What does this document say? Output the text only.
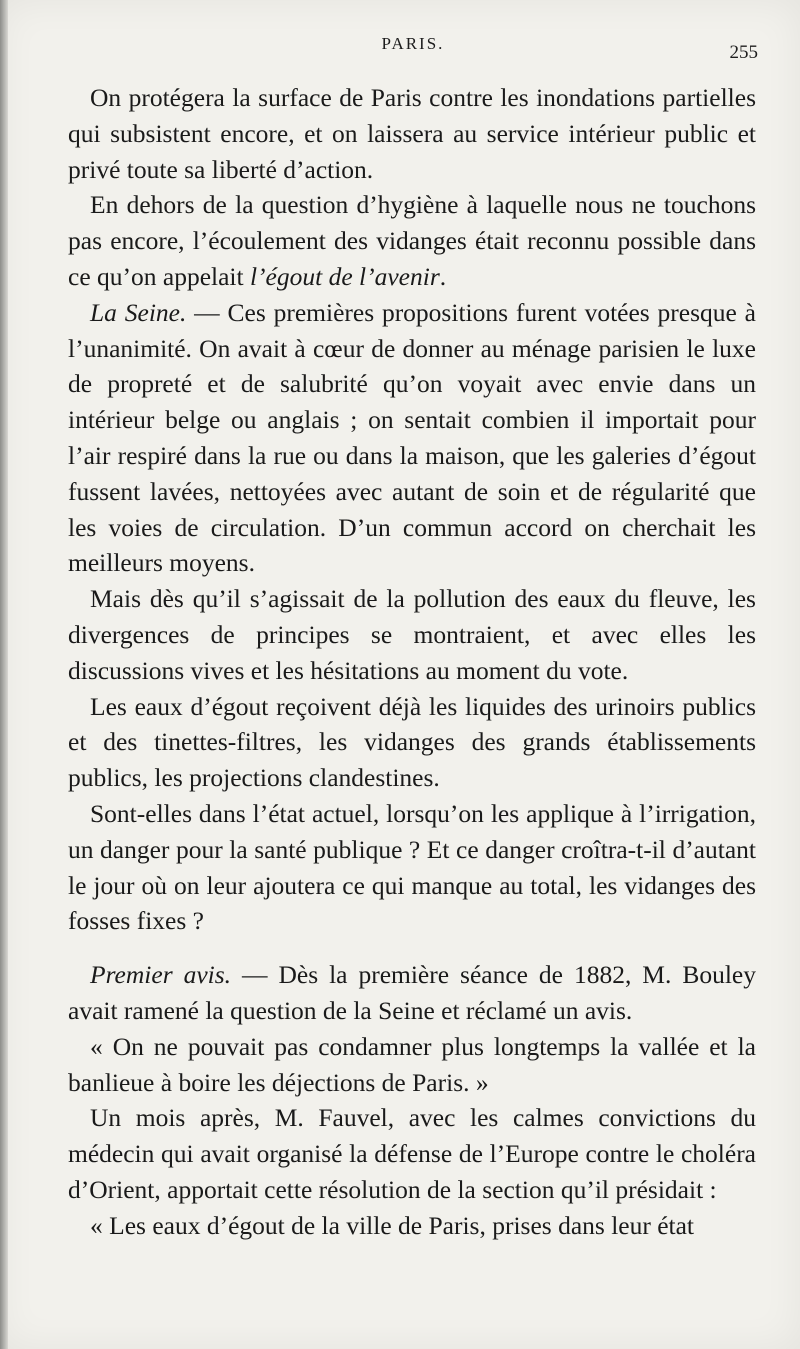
PARIS.	255

On protégera la surface de Paris contre les inondations partielles qui subsistent encore, et on laissera au service intérieur public et privé toute sa liberté d’action.

En dehors de la question d’hygiène à laquelle nous ne touchons pas encore, l’écoulement des vidanges était reconnu possible dans ce qu’on appelait l’égout de l’avenir.

La Seine. — Ces premières propositions furent votées presque à l’unanimité. On avait à cœur de donner au ménage parisien le luxe de propreté et de salubrité qu’on voyait avec envie dans un intérieur belge ou anglais ; on sentait combien il importait pour l’air respiré dans la rue ou dans la maison, que les galeries d’égout fussent lavées, nettoyées avec autant de soin et de régularité que les voies de circulation. D’un commun accord on cherchait les meilleurs moyens.

Mais dès qu’il s’agissait de la pollution des eaux du fleuve, les divergences de principes se montraient, et avec elles les discussions vives et les hésitations au moment du vote.

Les eaux d’égout reçoivent déjà les liquides des urinoirs publics et des tinettes-filtres, les vidanges des grands établissements publics, les projections clandestines.

Sont-elles dans l’état actuel, lorsqu’on les applique à l’irrigation, un danger pour la santé publique ? Et ce danger croîtra-t-il d’autant le jour où on leur ajoutera ce qui manque au total, les vidanges des fosses fixes ?

Premier avis. — Dès la première séance de 1882, M. Bouley avait ramené la question de la Seine et réclamé un avis.

« On ne pouvait pas condamner plus longtemps la vallée et la banlieue à boire les déjections de Paris. »

Un mois après, M. Fauvel, avec les calmes convictions du médecin qui avait organisé la défense de l’Europe contre le choléra d’Orient, apportait cette résolution de la section qu’il présidait :

« Les eaux d’égout de la ville de Paris, prises dans leur état
